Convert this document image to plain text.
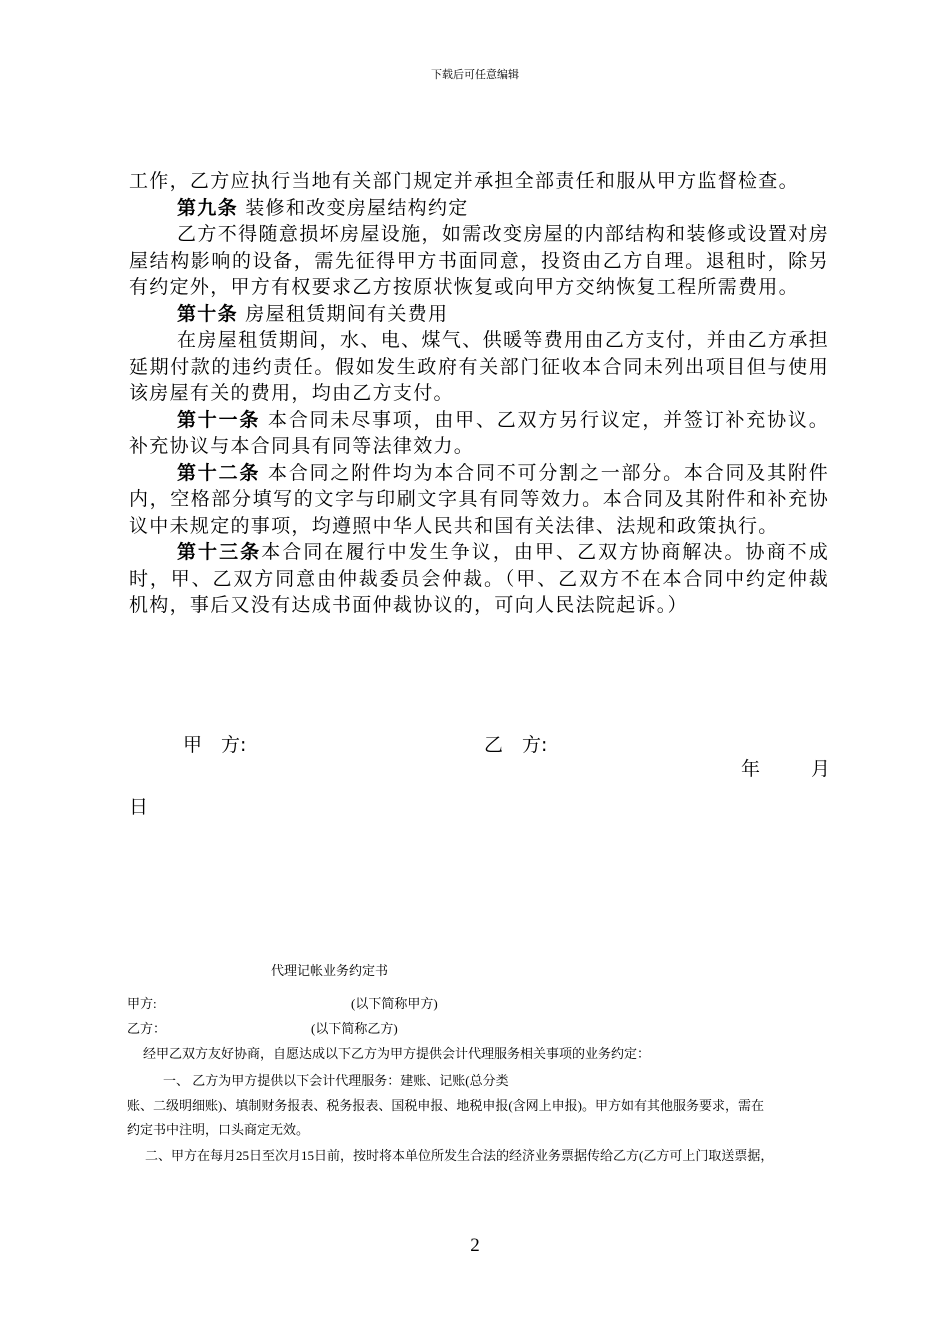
下载后可任意编辑

工作，乙方应执行当地有关部门规定并承担全部责任和服从甲方监督检查。

第九条 装修和改变房屋结构约定

乙方不得随意损坏房屋设施，如需改变房屋的内部结构和装修或设置对房屋结构影响的设备，需先征得甲方书面同意，投资由乙方自理。退租时，除另有约定外，甲方有权要求乙方按原状恢复或向甲方交纳恢复工程所需费用。

第十条 房屋租赁期间有关费用

在房屋租赁期间，水、电、煤气、供暖等费用由乙方支付，并由乙方承担延期付款的违约责任。假如发生政府有关部门征收本合同未列出项目但与使用该房屋有关的费用，均由乙方支付。

第十一条 本合同未尽事项，由甲、乙双方另行议定，并签订补充协议。补充协议与本合同具有同等法律效力。

第十二条 本合同之附件均为本合同不可分割之一部分。本合同及其附件内，空格部分填写的文字与印刷文字具有同等效力。本合同及其附件和补充协议中未规定的事项，均遵照中华人民共和国有关法律、法规和政策执行。

第十三条本合同在履行中发生争议，由甲、乙双方协商解决。协商不成时，甲、乙双方同意由仲裁委员会仲裁。（甲、乙双方不在本合同中约定仲裁机构，事后又没有达成书面仲裁协议的，可向人民法院起诉。）

甲　方:	乙　方:
年	月
日
代理记帐业务约定书
甲方:	(以下简称甲方)
乙方：	(以下简称乙方)
经甲乙双方友好协商，自愿达成以下乙方为甲方提供会计代理服务相关事项的业务约定：
一、 乙方为甲方提供以下会计代理服务：建账、记账(总分类
账、二级明细账)、填制财务报表、税务报表、国税申报、地税申报(含网上申报)。甲方如有其他服务要求，需在
约定书中注明，口头商定无效。
二、甲方在每月25日至次月15日前，按时将本单位所发生合法的经济业务票据传给乙方(乙方可上门取送票据，
2
